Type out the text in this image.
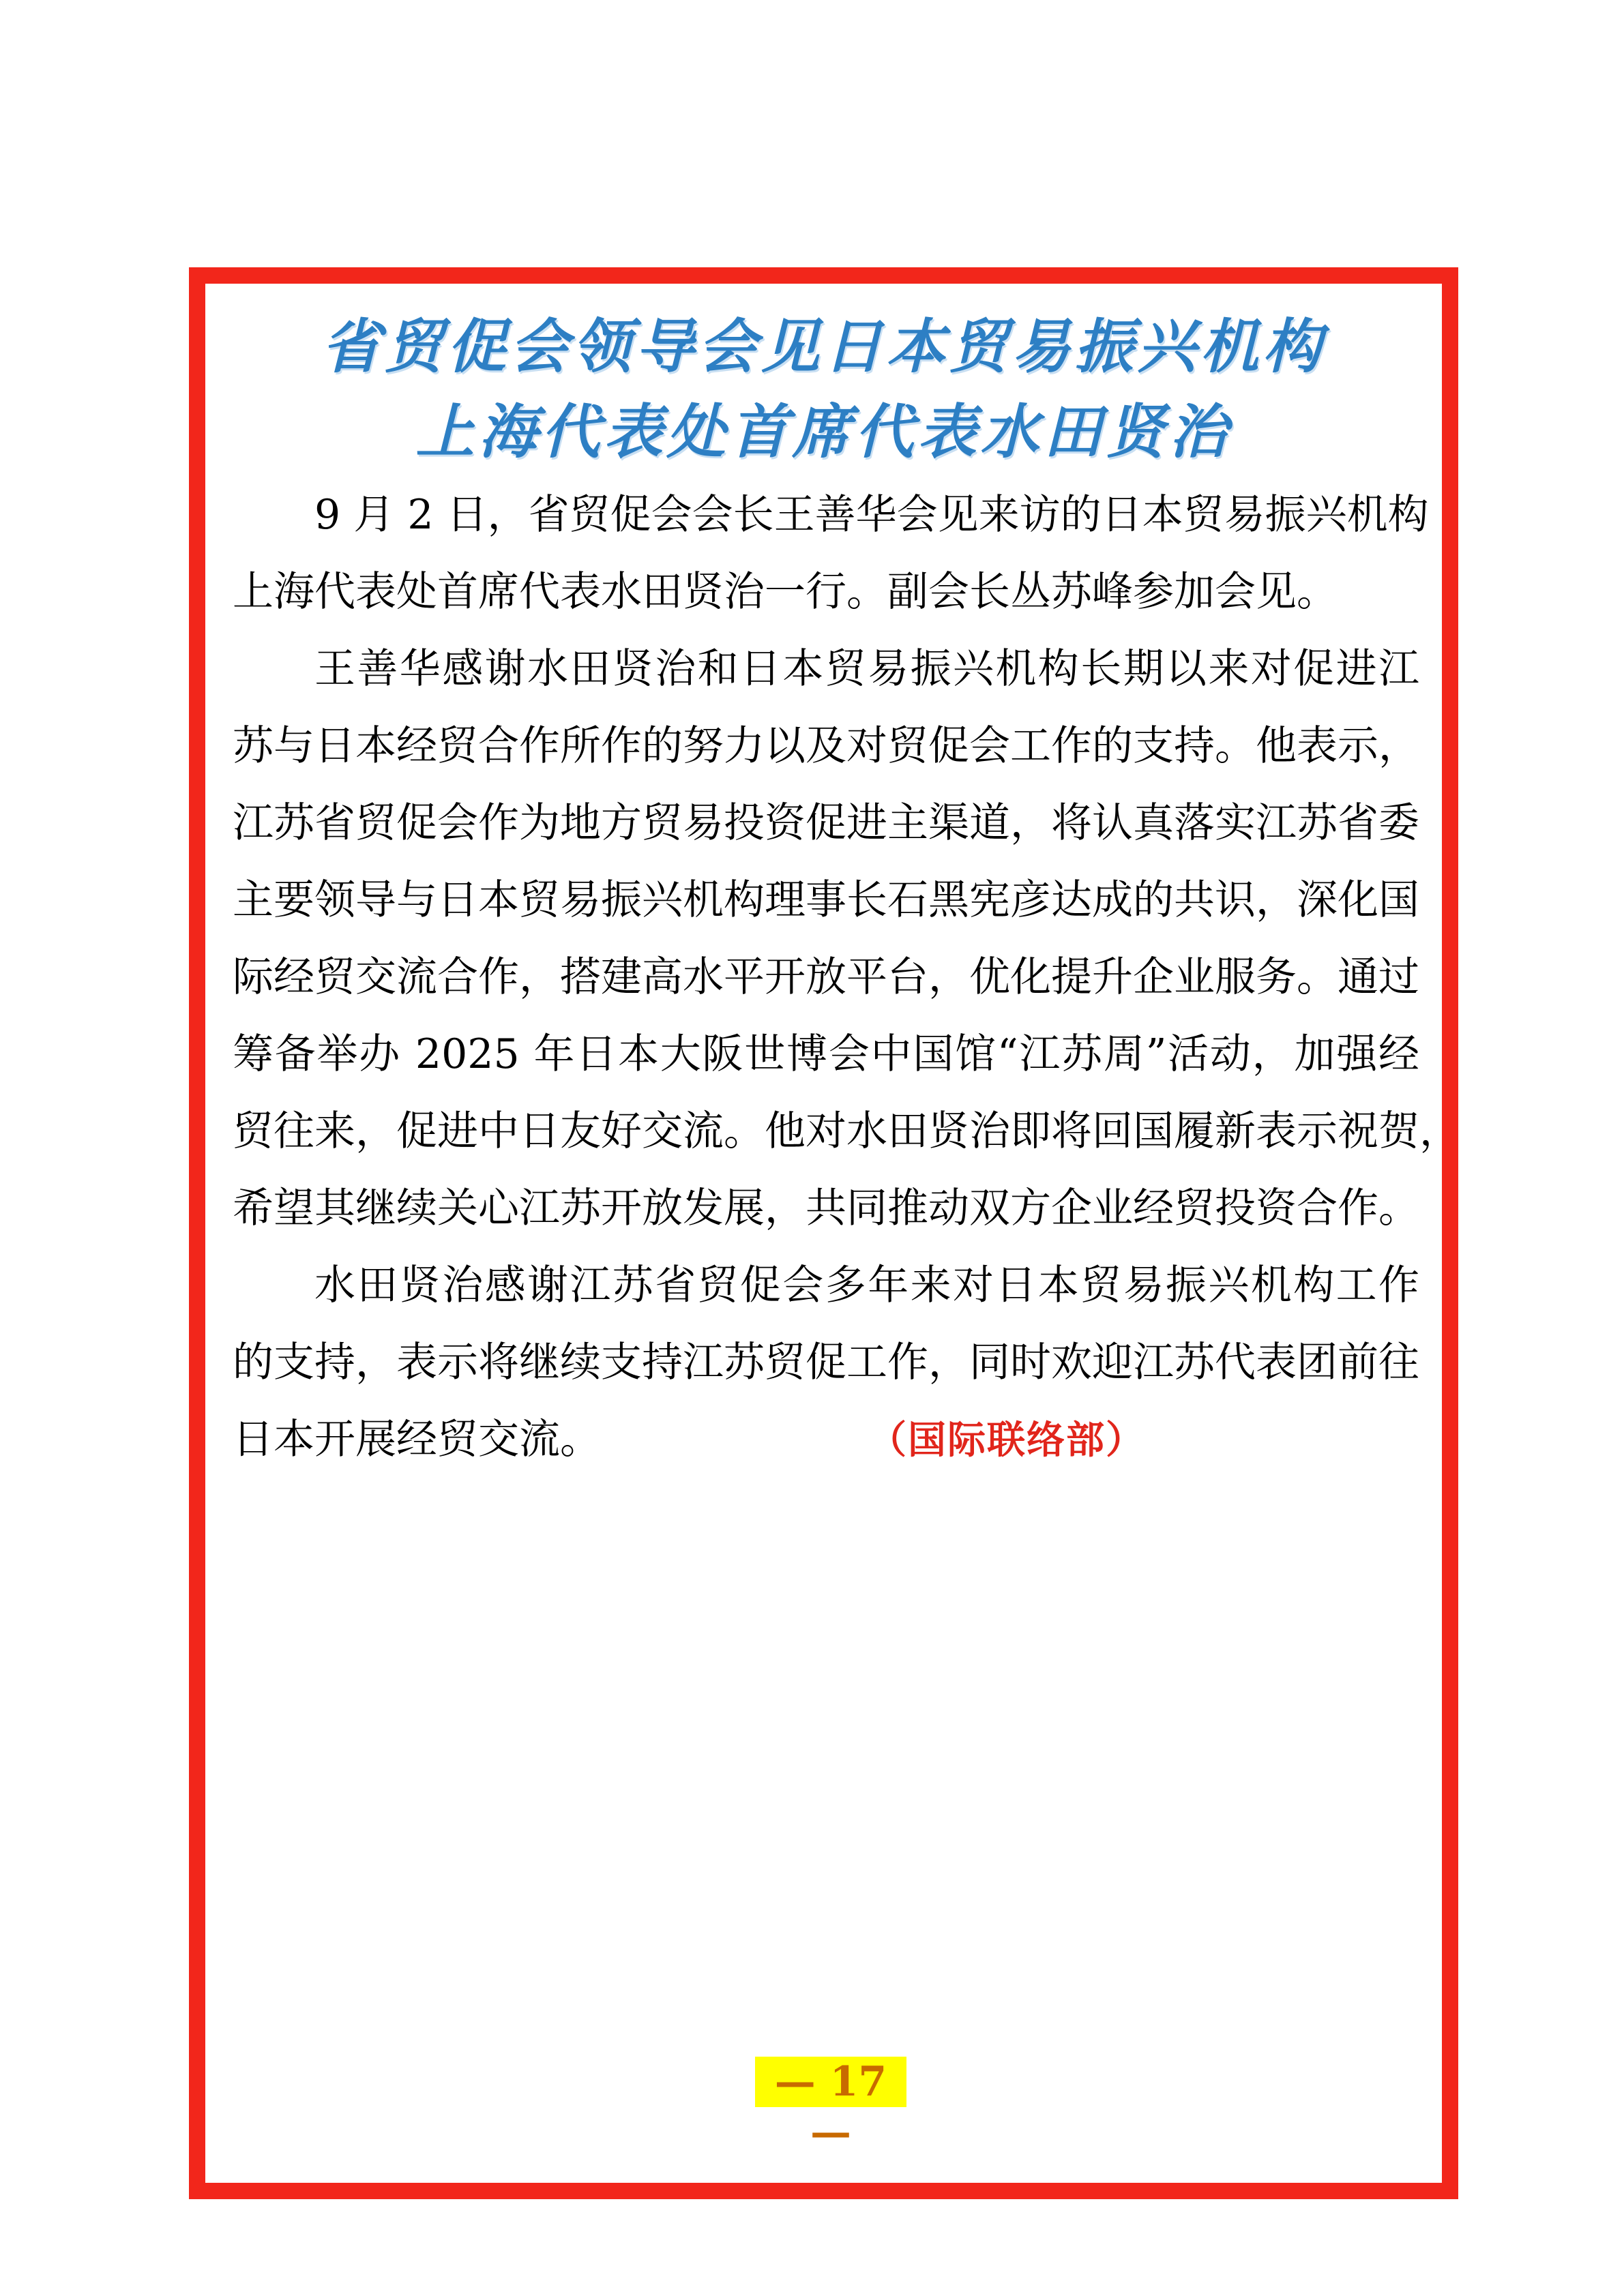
省贸促会领导会见日本贸易振兴机构
上海代表处首席代表水田贤治
9 月 2 日，省贸促会会长王善华会见来访的日本贸易振兴机构
上海代表处首席代表水田贤治一行。副会长丛苏峰参加会见。
王善华感谢水田贤治和日本贸易振兴机构长期以来对促进江
苏与日本经贸合作所作的努力以及对贸促会工作的支持。他表示，
江苏省贸促会作为地方贸易投资促进主渠道，将认真落实江苏省委
主要领导与日本贸易振兴机构理事长石黑宪彦达成的共识，深化国
际经贸交流合作，搭建高水平开放平台，优化提升企业服务。通过
筹备举办 2025 年日本大阪世博会中国馆“江苏周”活动，加强经
贸往来，促进中日友好交流。他对水田贤治即将回国履新表示祝贺，
希望其继续关心江苏开放发展，共同推动双方企业经贸投资合作。
水田贤治感谢江苏省贸促会多年来对日本贸易振兴机构工作
的支持，表示将继续支持江苏贸促工作，同时欢迎江苏代表团前往
日本开展经贸交流。	（国际联络部）
— 17 —
